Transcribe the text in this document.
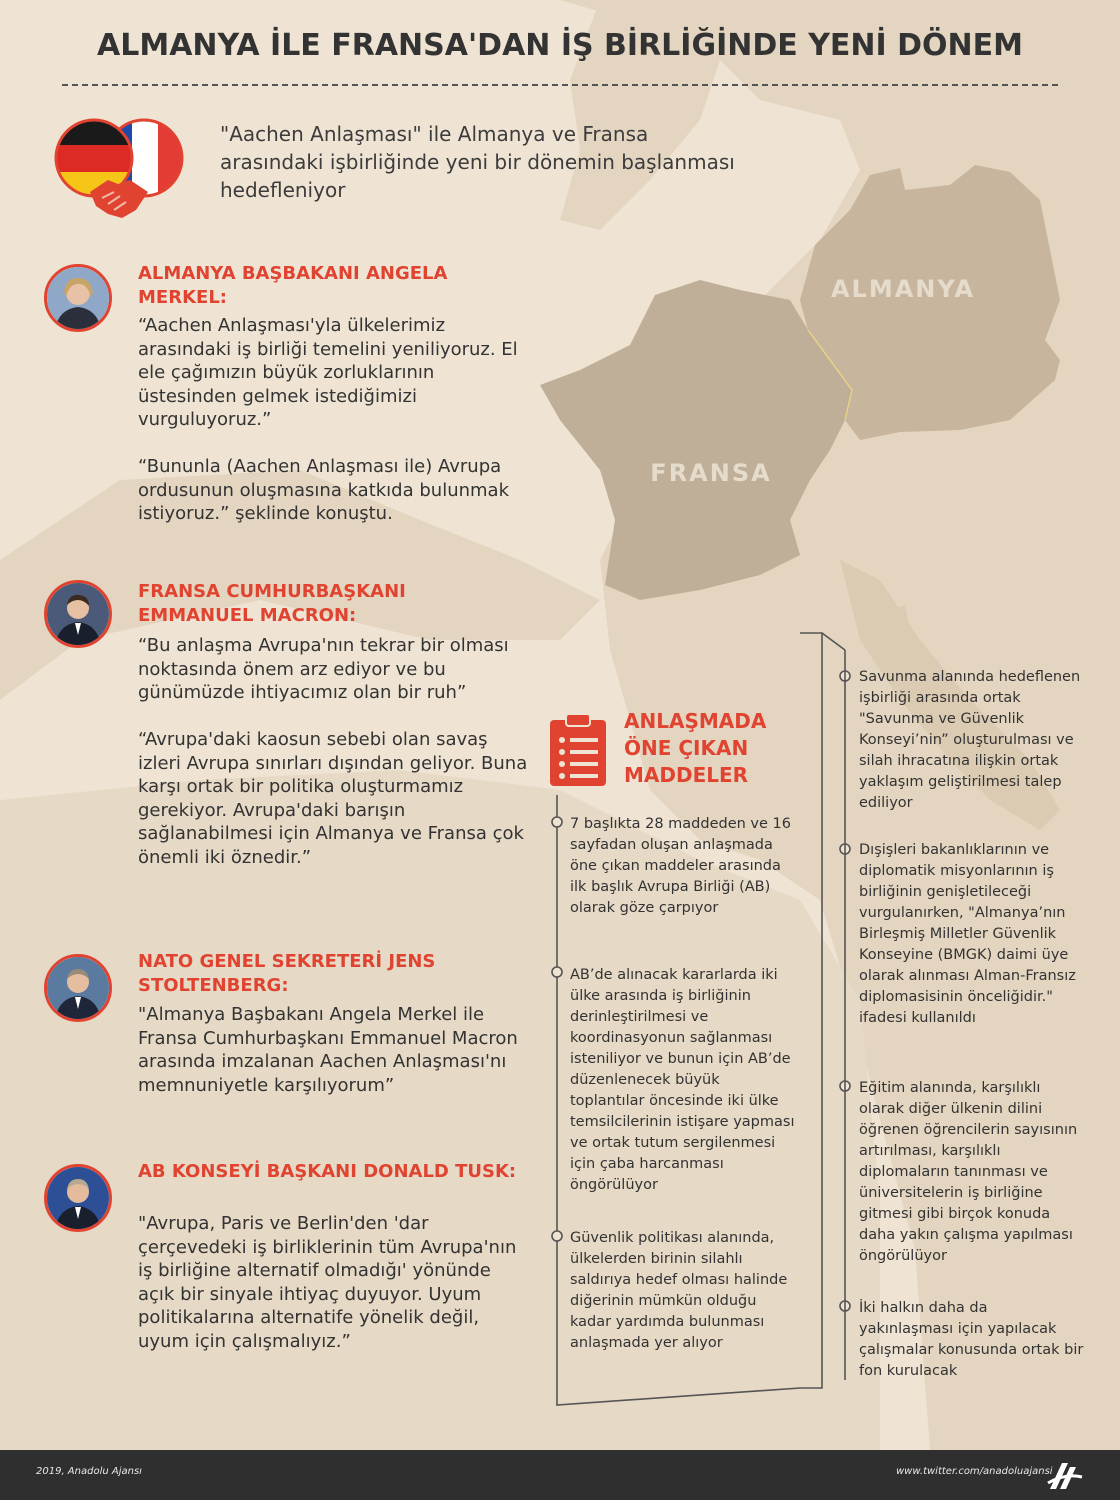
ALMANYA
FRANSA
ALMANYA İLE FRANSA'DAN İŞ BİRLİĞİNDE YENİ DÖNEM
"Aachen Anlaşması" ile Almanya ve Fransa arasındaki işbirliğinde yeni bir dönemin başlanması hedefleniyor
ALMANYA BAŞBAKANI ANGELA MERKEL:
“Aachen Anlaşması'yla ülkelerimiz arasındaki iş birliği temelini yeniliyoruz. El ele çağımızın büyük zorluklarının üstesinden gelmek istediğimizi vurguluyoruz.”

“Bununla (Aachen Anlaşması ile) Avrupa ordusunun oluşmasına katkıda bulunmak istiyoruz.” şeklinde konuştu.
FRANSA CUMHURBAŞKANI EMMANUEL MACRON:
“Bu anlaşma Avrupa'nın tekrar bir olması noktasında önem arz ediyor ve bu günümüzde ihtiyacımız olan bir ruh”

“Avrupa'daki kaosun sebebi olan savaş izleri Avrupa sınırları dışından geliyor. Buna karşı ortak bir politika oluşturmamız gerekiyor. Avrupa'daki barışın sağlanabilmesi için Almanya ve Fransa çok önemli iki öznedir.”
NATO GENEL SEKRETERİ JENS STOLTENBERG:
"Almanya Başbakanı Angela Merkel ile Fransa Cumhurbaşkanı Emmanuel Macron arasında imzalanan Aachen Anlaşması'nı memnuniyetle karşılıyorum”
AB KONSEYİ BAŞKANI DONALD TUSK:
"Avrupa, Paris ve Berlin'den 'dar çerçevedeki iş birliklerinin tüm Avrupa'nın iş birliğine alternatif olmadığı' yönünde açık bir sinyale ihtiyaç duyuyor. Uyum politikalarına alternatife yönelik değil, uyum için çalışmalıyız.”
ANLAŞMADA ÖNE ÇIKAN MADDELER
7 başlıkta 28 maddeden ve 16 sayfadan oluşan anlaşmada öne çıkan maddeler arasında ilk başlık Avrupa Birliği (AB) olarak göze çarpıyor
AB’de alınacak kararlarda iki ülke arasında iş birliğinin derinleştirilmesi ve koordinasyonun sağlanması isteniliyor ve bunun için AB’de düzenlenecek büyük toplantılar öncesinde iki ülke temsilcilerinin istişare yapması ve ortak tutum sergilenmesi için çaba harcanması öngörülüyor
Güvenlik politikası alanında, ülkelerden birinin silahlı saldırıya hedef olması halinde diğerinin mümkün olduğu kadar yardımda bulunması anlaşmada yer alıyor
Savunma alanında hedeflenen işbirliği arasında ortak "Savunma ve Güvenlik Konseyi’nin” oluşturulması ve silah ihracatına ilişkin ortak yaklaşım geliştirilmesi talep ediliyor
Dışişleri bakanlıklarının ve diplomatik misyonlarının iş birliğinin genişletileceği vurgulanırken, "Almanya’nın Birleşmiş Milletler Güvenlik Konseyine (BMGK) daimi üye olarak alınması Alman-Fransız diplomasisinin önceliğidir." ifadesi kullanıldı
Eğitim alanında, karşılıklı olarak diğer ülkenin dilini öğrenen öğrencilerin sayısının artırılması, karşılıklı diplomaların tanınması ve üniversitelerin iş birliğine gitmesi gibi birçok konuda daha yakın çalışma yapılması öngörülüyor
İki halkın daha da yakınlaşması için yapılacak çalışmalar konusunda ortak bir fon kurulacak
2019, Anadolu Ajansı	www.twitter.com/anadoluajansi
